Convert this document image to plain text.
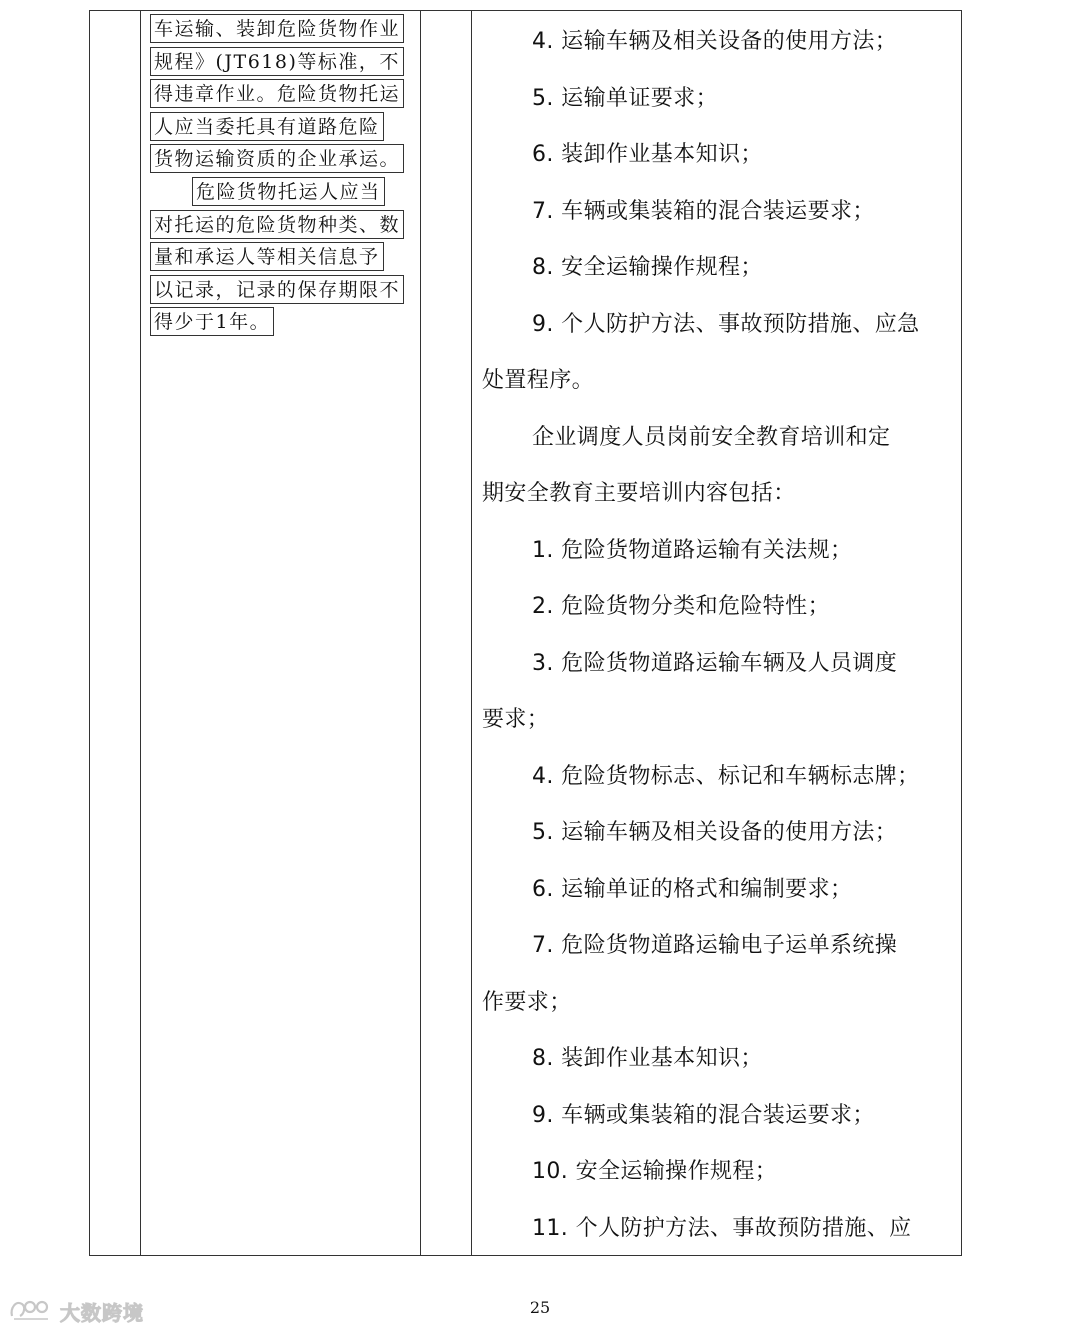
车运输、装卸危险货物作业
规程》(JT618)等标准，不
得违章作业。危险货物托运
人应当委托具有道路危险
货物运输资质的企业承运。
危险货物托运人应当
对托运的危险货物种类、数
量和承运人等相关信息予
以记录，记录的保存期限不
得少于1年。
4. 运输车辆及相关设备的使用方法；
5. 运输单证要求；
6. 装卸作业基本知识；
7. 车辆或集装箱的混合装运要求；
8. 安全运输操作规程；
9. 个人防护方法、事故预防措施、应急
处置程序。
企业调度人员岗前安全教育培训和定
期安全教育主要培训内容包括：
1. 危险货物道路运输有关法规；
2. 危险货物分类和危险特性；
3. 危险货物道路运输车辆及人员调度
要求；
4. 危险货物标志、标记和车辆标志牌；
5. 运输车辆及相关设备的使用方法；
6. 运输单证的格式和编制要求；
7. 危险货物道路运输电子运单系统操
作要求；
8. 装卸作业基本知识；
9. 车辆或集装箱的混合装运要求；
10. 安全运输操作规程；
11. 个人防护方法、事故预防措施、应
25
大数跨境
